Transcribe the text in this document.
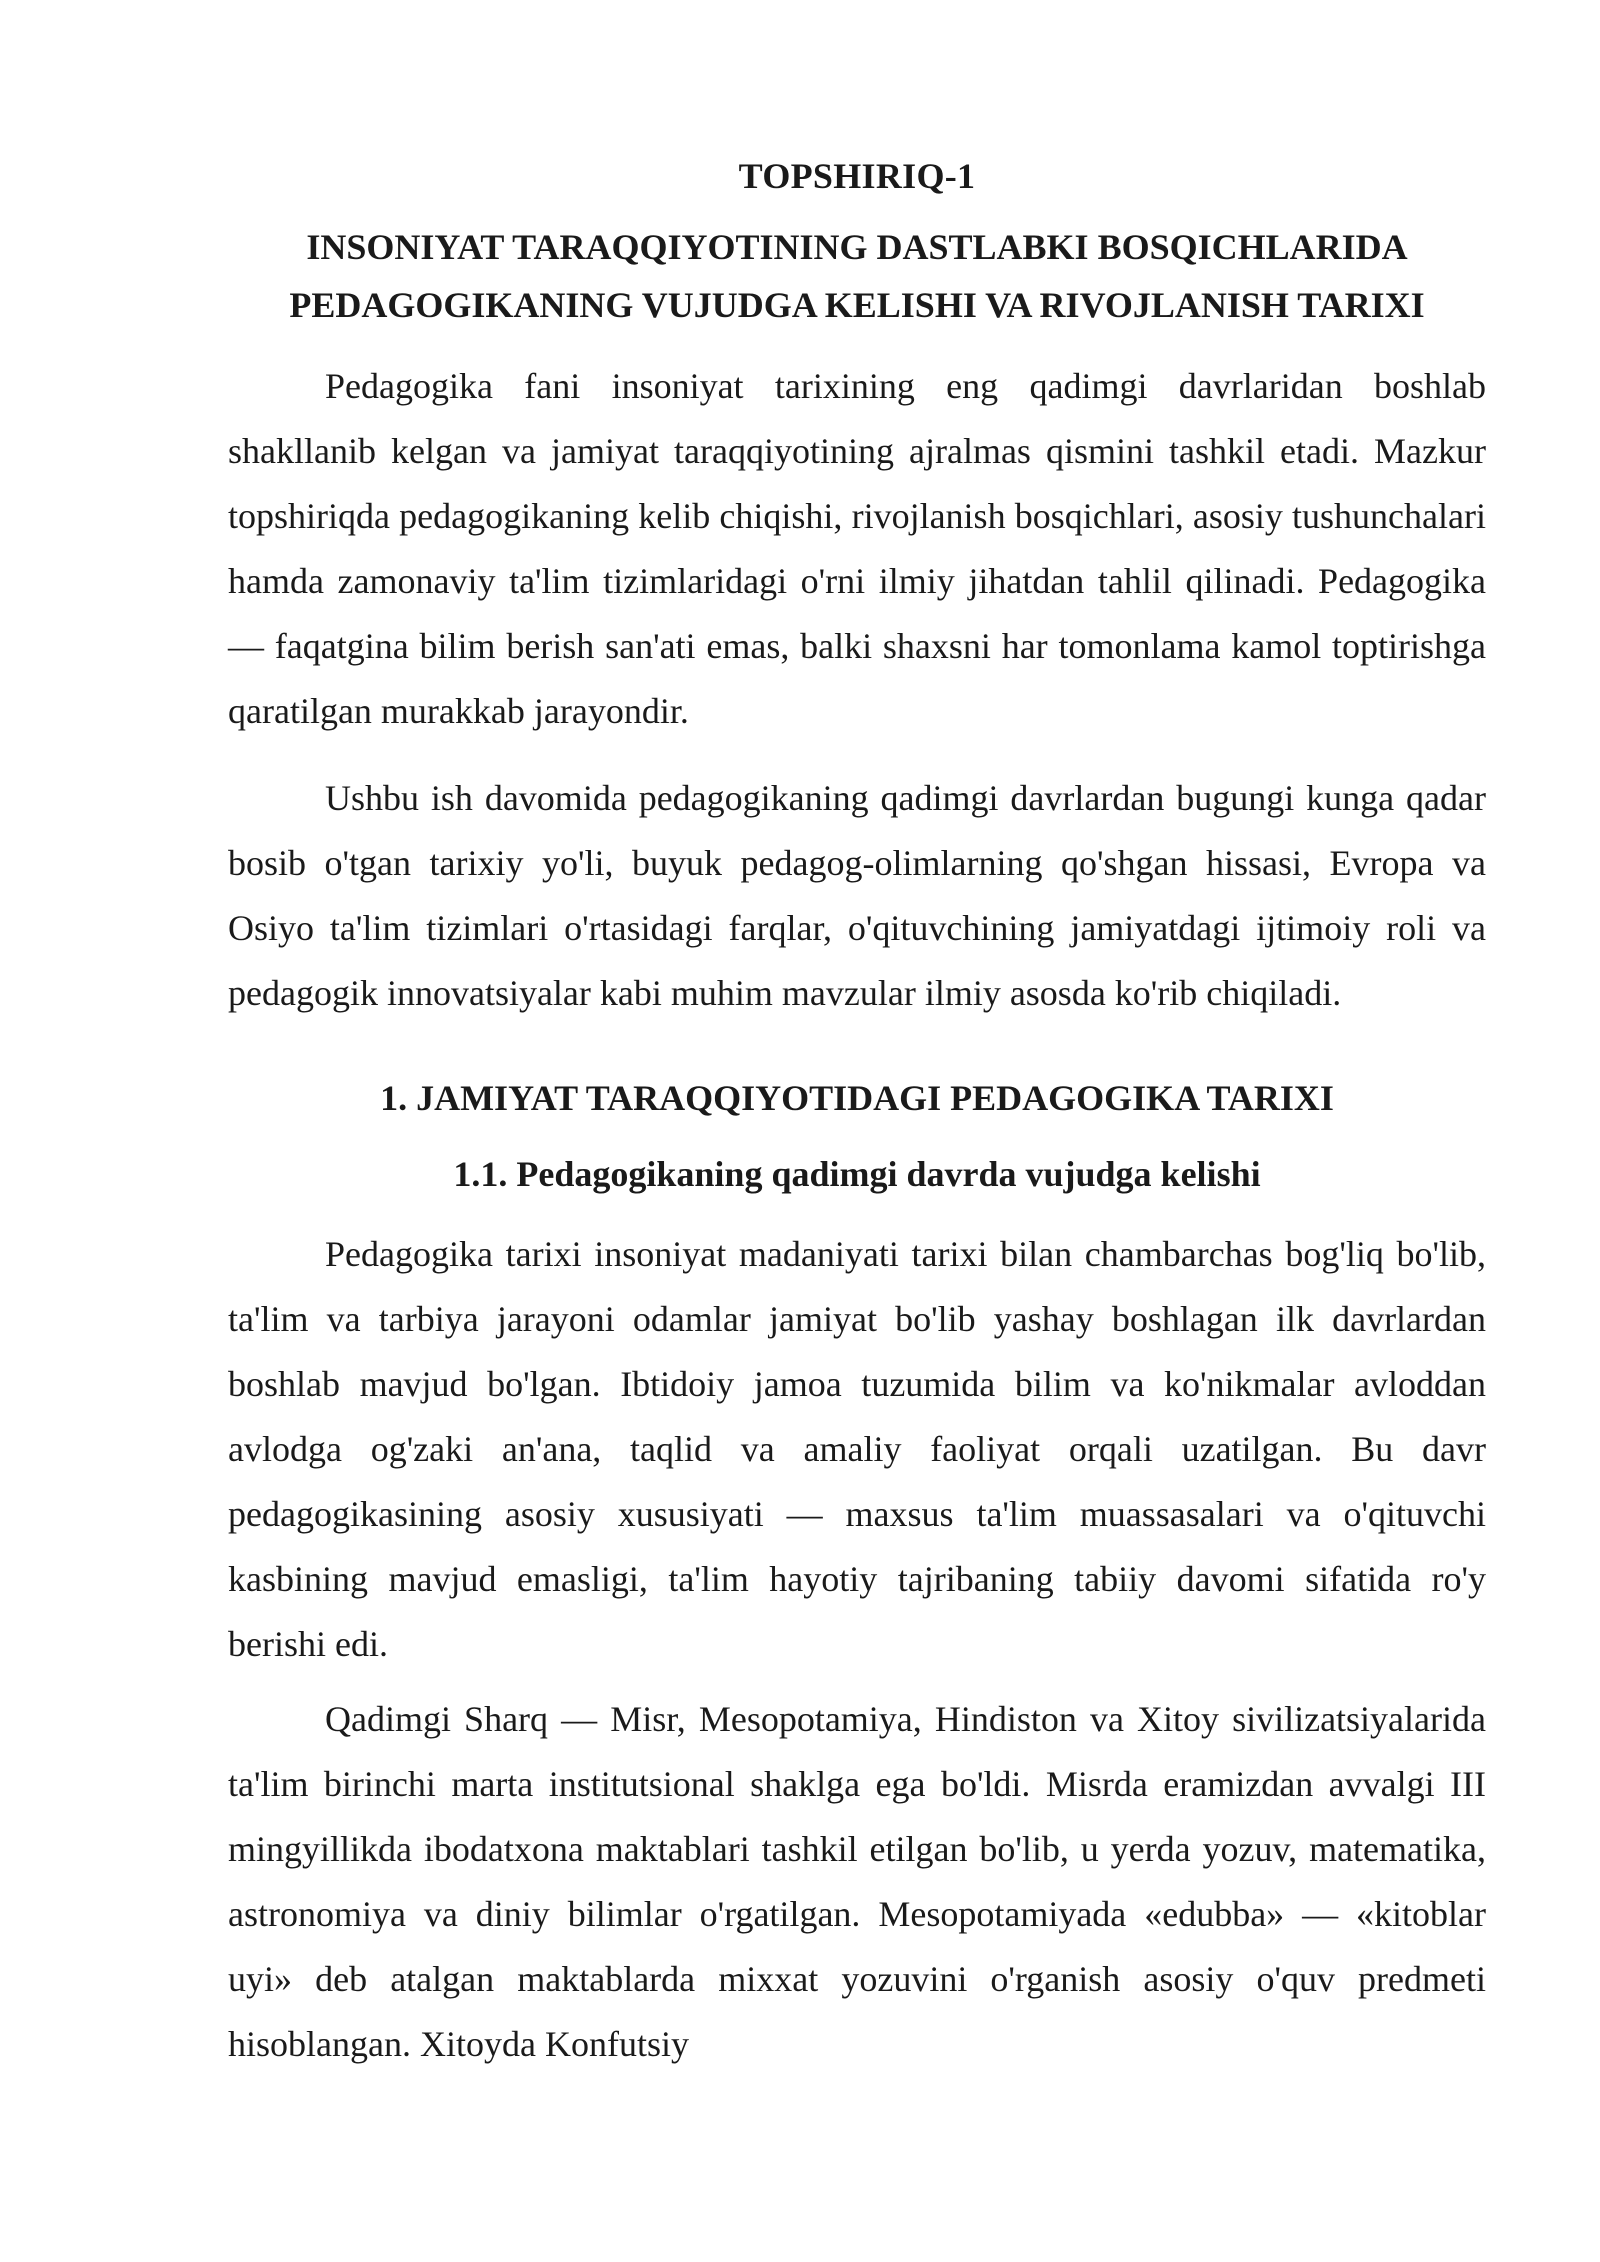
TOPSHIRIQ-1
INSONIYAT TARAQQIYOTINING DASTLABKI BOSQICHLARIDA
PEDAGOGIKANING VUJUDGA KELISHI VA RIVOJLANISH TARIXI

Pedagogika fani insoniyat tarixining eng qadimgi davrlaridan boshlab shakllanib kelgan va jamiyat taraqqiyotining ajralmas qismini tashkil etadi. Mazkur topshiriqda pedagogikaning kelib chiqishi, rivojlanish bosqichlari, asosiy tushunchalari hamda zamonaviy ta'lim tizimlaridagi o'rni ilmiy jihatdan tahlil qilinadi. Pedagogika — faqatgina bilim berish san'ati emas, balki shaxsni har tomonlama kamol toptirishga qaratilgan murakkab jarayondir.

Ushbu ish davomida pedagogikaning qadimgi davrlardan bugungi kunga qadar bosib o'tgan tarixiy yo'li, buyuk pedagog-olimlarning qo'shgan hissasi, Evropa va Osiyo ta'lim tizimlari o'rtasidagi farqlar, o'qituvchining jamiyatdagi ijtimoiy roli va pedagogik innovatsiyalar kabi muhim mavzular ilmiy asosda ko'rib chiqiladi.

1. JAMIYAT TARAQQIYOTIDAGI PEDAGOGIKA TARIXI
1.1. Pedagogikaning qadimgi davrda vujudga kelishi

Pedagogika tarixi insoniyat madaniyati tarixi bilan chambarchas bog'liq bo'lib, ta'lim va tarbiya jarayoni odamlar jamiyat bo'lib yashay boshlagan ilk davrlardan boshlab mavjud bo'lgan. Ibtidoiy jamoa tuzumida bilim va ko'nikmalar avloddan avlodga og'zaki an'ana, taqlid va amaliy faoliyat orqali uzatilgan. Bu davr pedagogikasining asosiy xususiyati — maxsus ta'lim muassasalari va o'qituvchi kasbining mavjud emasligi, ta'lim hayotiy tajribaning tabiiy davomi sifatida ro'y berishi edi.

Qadimgi Sharq — Misr, Mesopotamiya, Hindiston va Xitoy sivilizatsiyalarida ta'lim birinchi marta institutsional shaklga ega bo'ldi. Misrda eramizdan avvalgi III mingyillikda ibodatxona maktablari tashkil etilgan bo'lib, u yerda yozuv, matematika, astronomiya va diniy bilimlar o'rgatilgan. Mesopotamiyada «edubba» — «kitoblar uyi» deb atalgan maktablarda mixxat yozuvini o'rganish asosiy o'quv predmeti hisoblangan. Xitoyda Konfutsiy
